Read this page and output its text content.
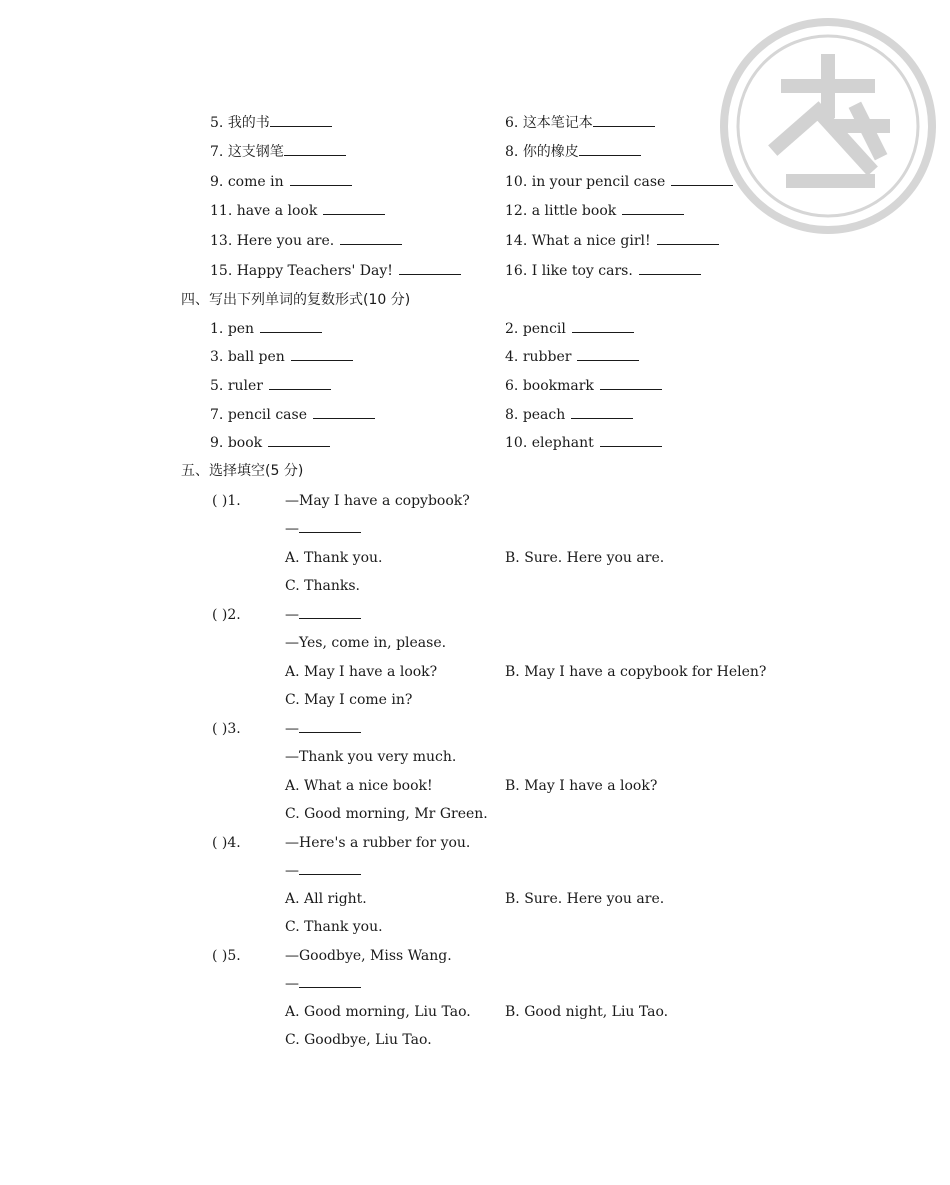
5. 我的书	6. 这本笔记本
7. 这支钢笔	8. 你的橡皮
9. come in	10. in your pencil case
11. have a look	12. a little book
13. Here you are.	14. What a nice girl!
15. Happy Teachers' Day!	16. I like toy cars.
四、写出下列单词的复数形式(10 分)
1. pen	2. pencil
3. ball pen	4. rubber
5. ruler	6. bookmark
7. pencil case	8. peach
9. book	10. elephant
五、选择填空(5 分)
( )1.	—May I have a copybook?
—
A. Thank you.	B. Sure. Here you are.
C. Thanks.
( )2.	—
—Yes, come in, please.
A. May I have a look?	B. May I have a copybook for Helen?
C. May I come in?
( )3.	—
—Thank you very much.
A. What a nice book!	B. May I have a look?
C. Good morning, Mr Green.
( )4.	—Here's a rubber for you.
—
A. All right.	B. Sure. Here you are.
C. Thank you.
( )5.	—Goodbye, Miss Wang.
—
A. Good morning, Liu Tao. B. Good night, Liu Tao.
C. Goodbye, Liu Tao.
